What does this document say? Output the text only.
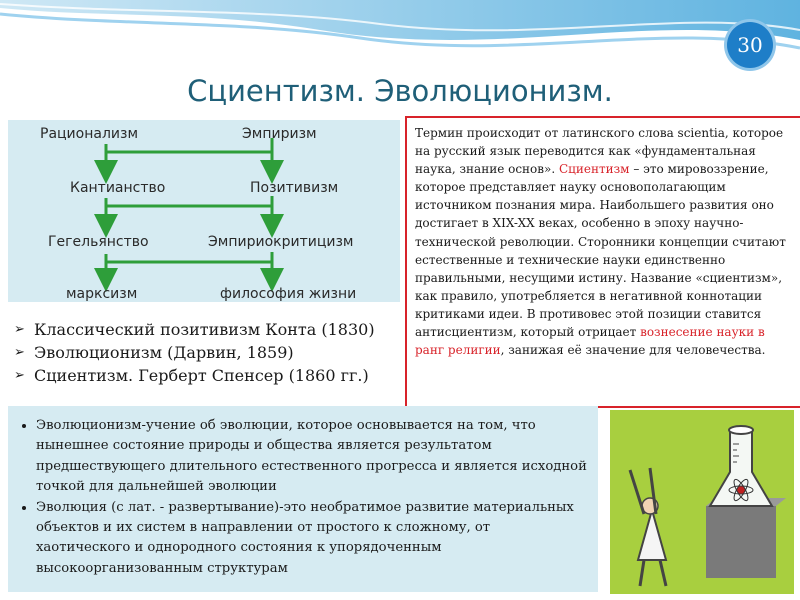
30
Сциентизм. Эволюционизм.
Рационализм	Эмпиризм
Кантианство	Позитивизм
Гегельянство	Эмпириокритицизм
марксизм	философия жизни
➢ Классический позитивизм Конта (1830)
➢ Эволюционизм (Дарвин, 1859)
➢ Сциентизм. Герберт Спенсер (1860 гг.)

Термин происходит от латинского слова scientia, которое на русский язык переводится как «фундаментальная наука, знание основ». Сциентизм – это мировоззрение, которое представляет науку основополагающим источником познания мира. Наибольшего развития оно достигает в XIX-XX веках, особенно в эпоху научно-технической революции. Сторонники концепции считают естественные и технические науки единственно правильными, несущими истину. Название «сциентизм», как правило, употребляется в негативной коннотации критиками идеи. В противовес этой позиции ставится антисциентизм, который отрицает вознесение науки в ранг религии, занижая её значение для человечества.

• Эволюционизм-учение об эволюции, которое основывается на том, что нынешнее состояние природы и общества является результатом предшествующего длительного естественного прогресса и является исходной точкой для дальнейшей эволюции
• Эволюция (с лат. - развертывание)-это необратимое развитие материальных объектов и их систем в направлении от простого к сложному, от хаотического и однородного состояния к упорядоченным высокоорганизованным структурам
